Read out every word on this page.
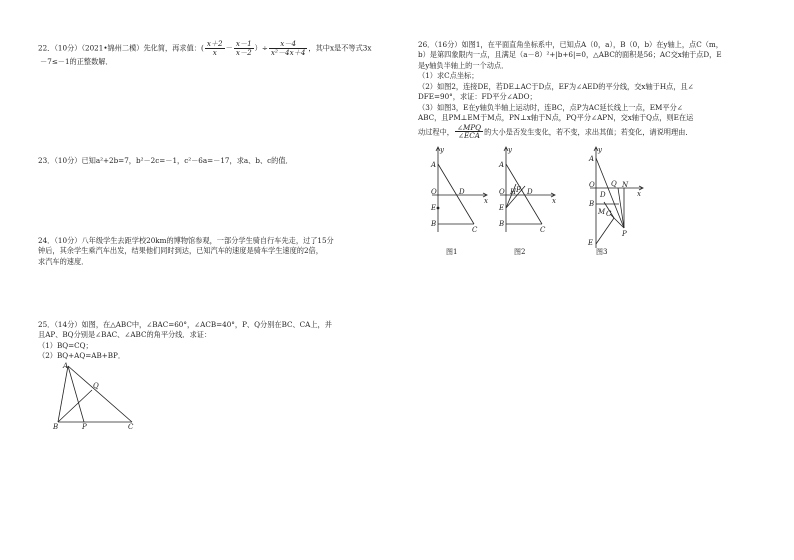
22．（10分）（2021•锦州二模）先化简，再求值：( $\frac{x+2}{x} - \frac{x-1}{x-2}$ ）÷ $\frac{x-4}{\text{x²－4x＋4}}$ ，其中x是不等式3x
－7≤－1的正整数解．
23．（10分）已知a²+2b=7，b²－2c=－1，c²－6a=－17，求a、b、c的值．
24．（10分）八年级学生去距学校20km的博物馆参观，一部分学生骑自行车先走，过了15分
钟后，其余学生乘汽车出发，结果他们同时到达，已知汽车的速度是骑车学生速度的2倍，
求汽车的速度．
25．（14分）如图，在△ABC中，∠BAC=60°，∠ACB=40°，P、Q分别在BC、CA上，并
且AP、BQ分别是∠BAC、∠ABC的角平分线．求证：
（1）BQ=CQ；
（2）BQ+AQ=AB+BP．
A
Q
B	P	C
26．（16分）如图1，在平面直角坐标系中，已知点A（0，a），B（0，b）在y轴上，点C（m，
b）是第四象限内一点，且满足（a－8）²+|b+6|=0，△ABC的面积是56；AC交x轴于点D，E
是y轴负半轴上的一个动点．
（1）求C点坐标；
（2）如图2，连接DE，若DE⊥AC于D点，EF为∠AED的平分线，交x轴于H点，且∠
DFE=90°，求证：FD平分∠ADO；
（3）如图3，E在y轴负半轴上运动时，连BC，点P为AC延长线上一点，EM平分∠
ABC，且PM⊥EM于M点，PN⊥x轴于N点，PQ平分∠APN，交x轴于Q点，则E在运
动过程中， $\frac{\text{∠MPQ}}{\text{∠ECA}}$ 的大小是否发生变化，若不变，求出其值；若变化，请说明理由．
y
A
O	D
x
E
B
C
图1
y
A
O H F D
x
E
B
C
图2
y
A
O Q N
x
D
B
M C
P
E
图3
